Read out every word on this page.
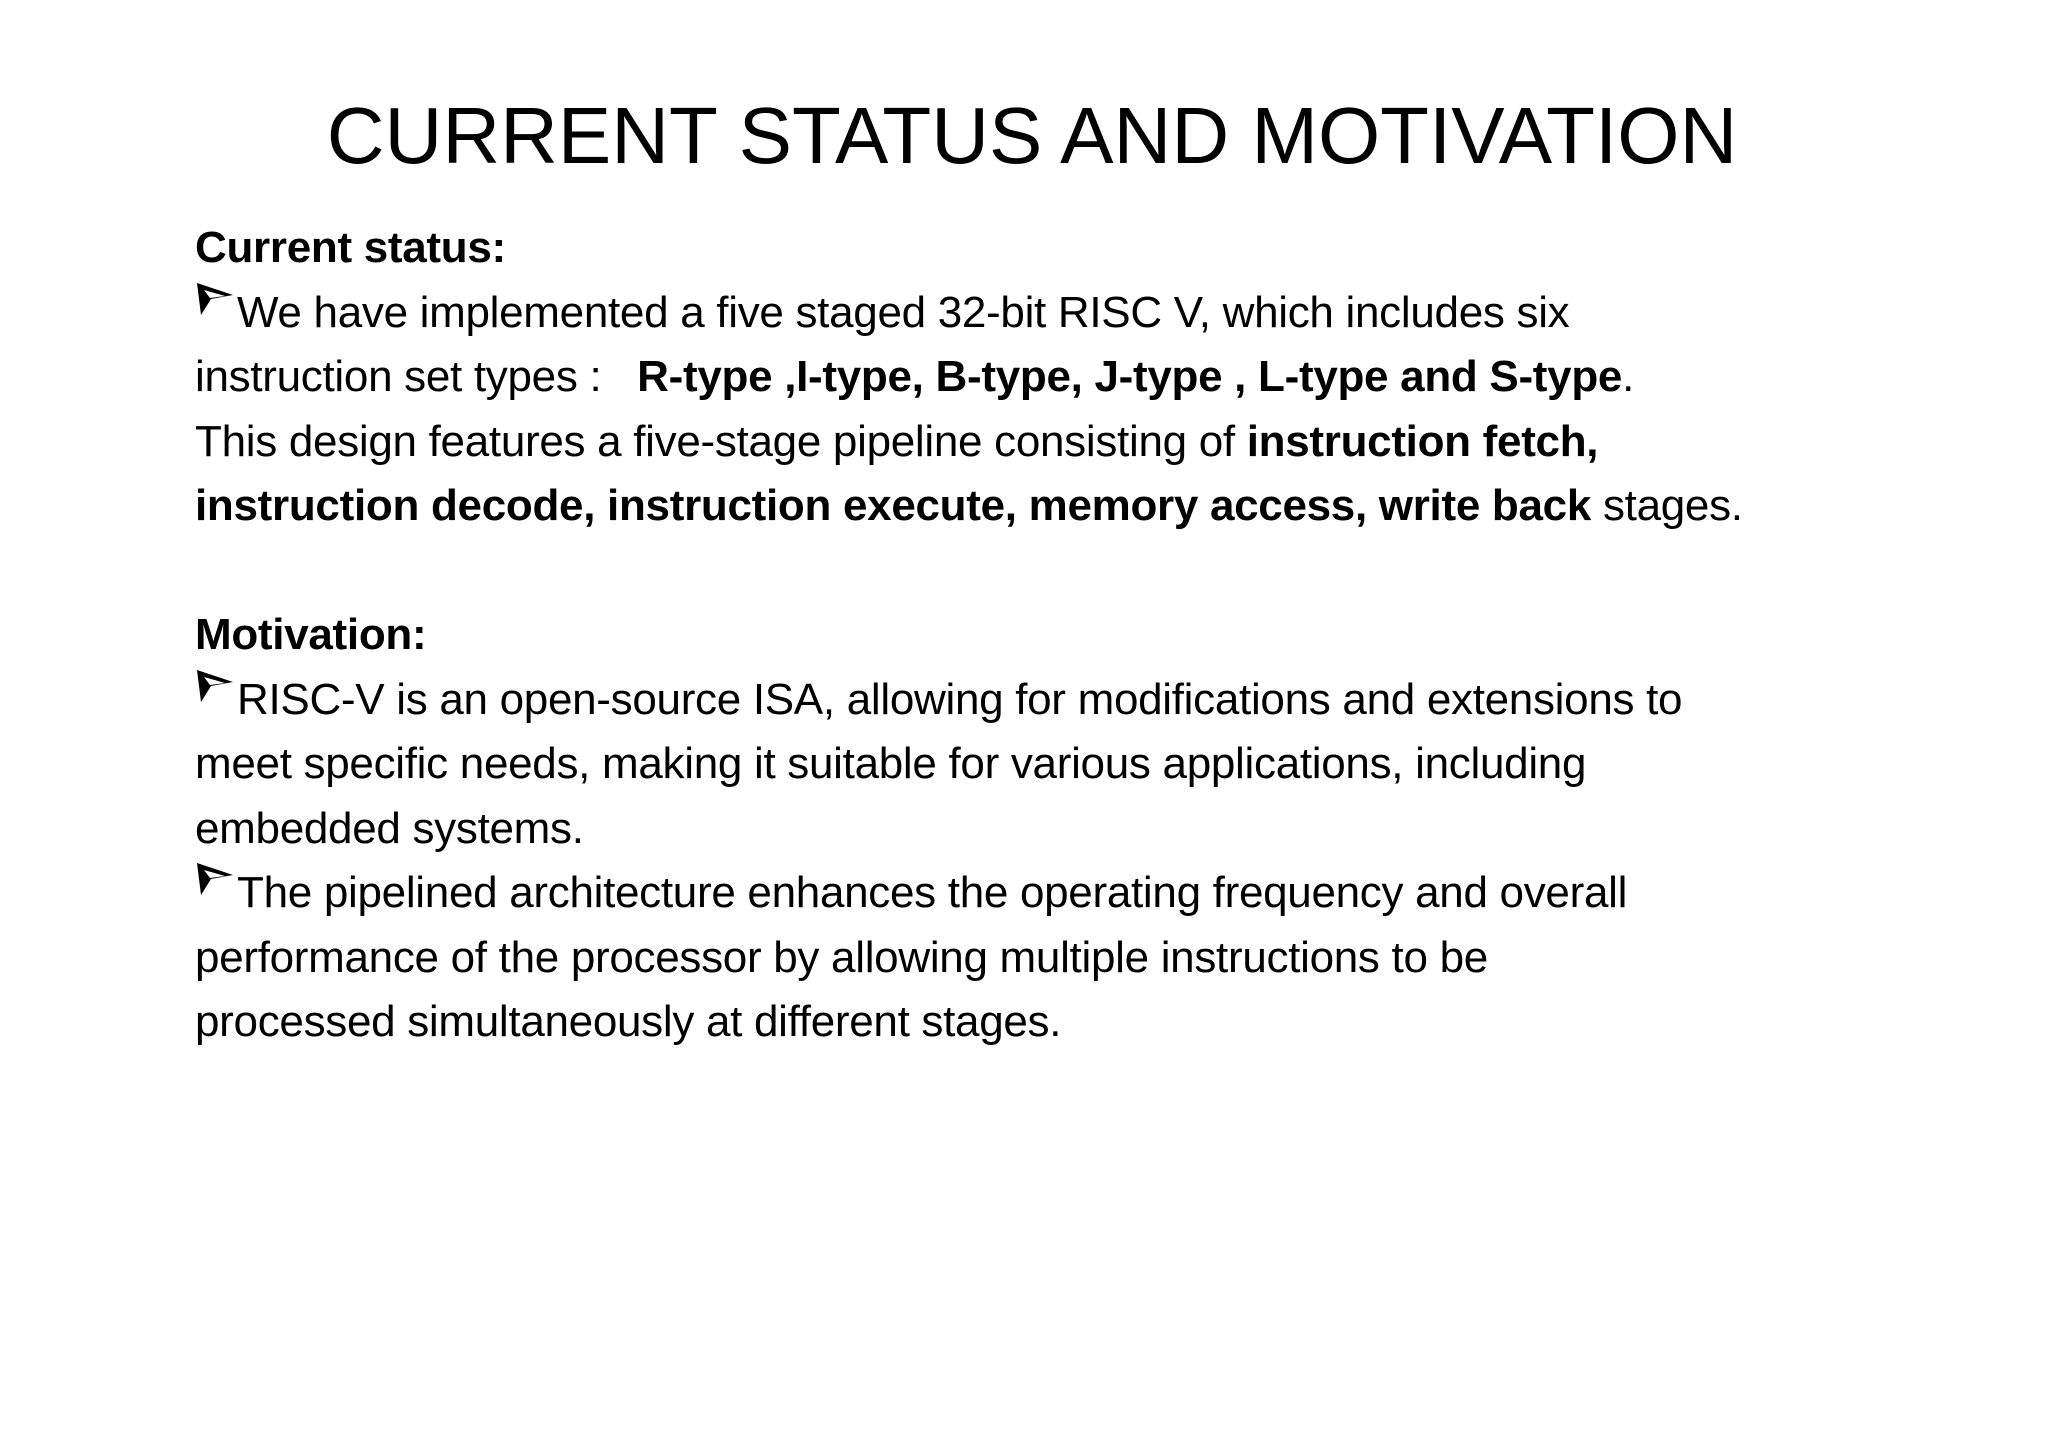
CURRENT STATUS AND MOTIVATION
Current status:
We have implemented a five staged 32-bit RISC V, which includes six
instruction set types :   R-type ,I-type, B-type, J-type , L-type and S-type.
This design features a five-stage pipeline consisting of instruction fetch,
instruction decode, instruction execute, memory access, write back stages.
Motivation:
RISC-V is an open-source ISA, allowing for modifications and extensions to
meet specific needs, making it suitable for various applications, including
embedded systems.
The pipelined architecture enhances the operating frequency and overall
performance of the processor by allowing multiple instructions to be
processed simultaneously at different stages.
